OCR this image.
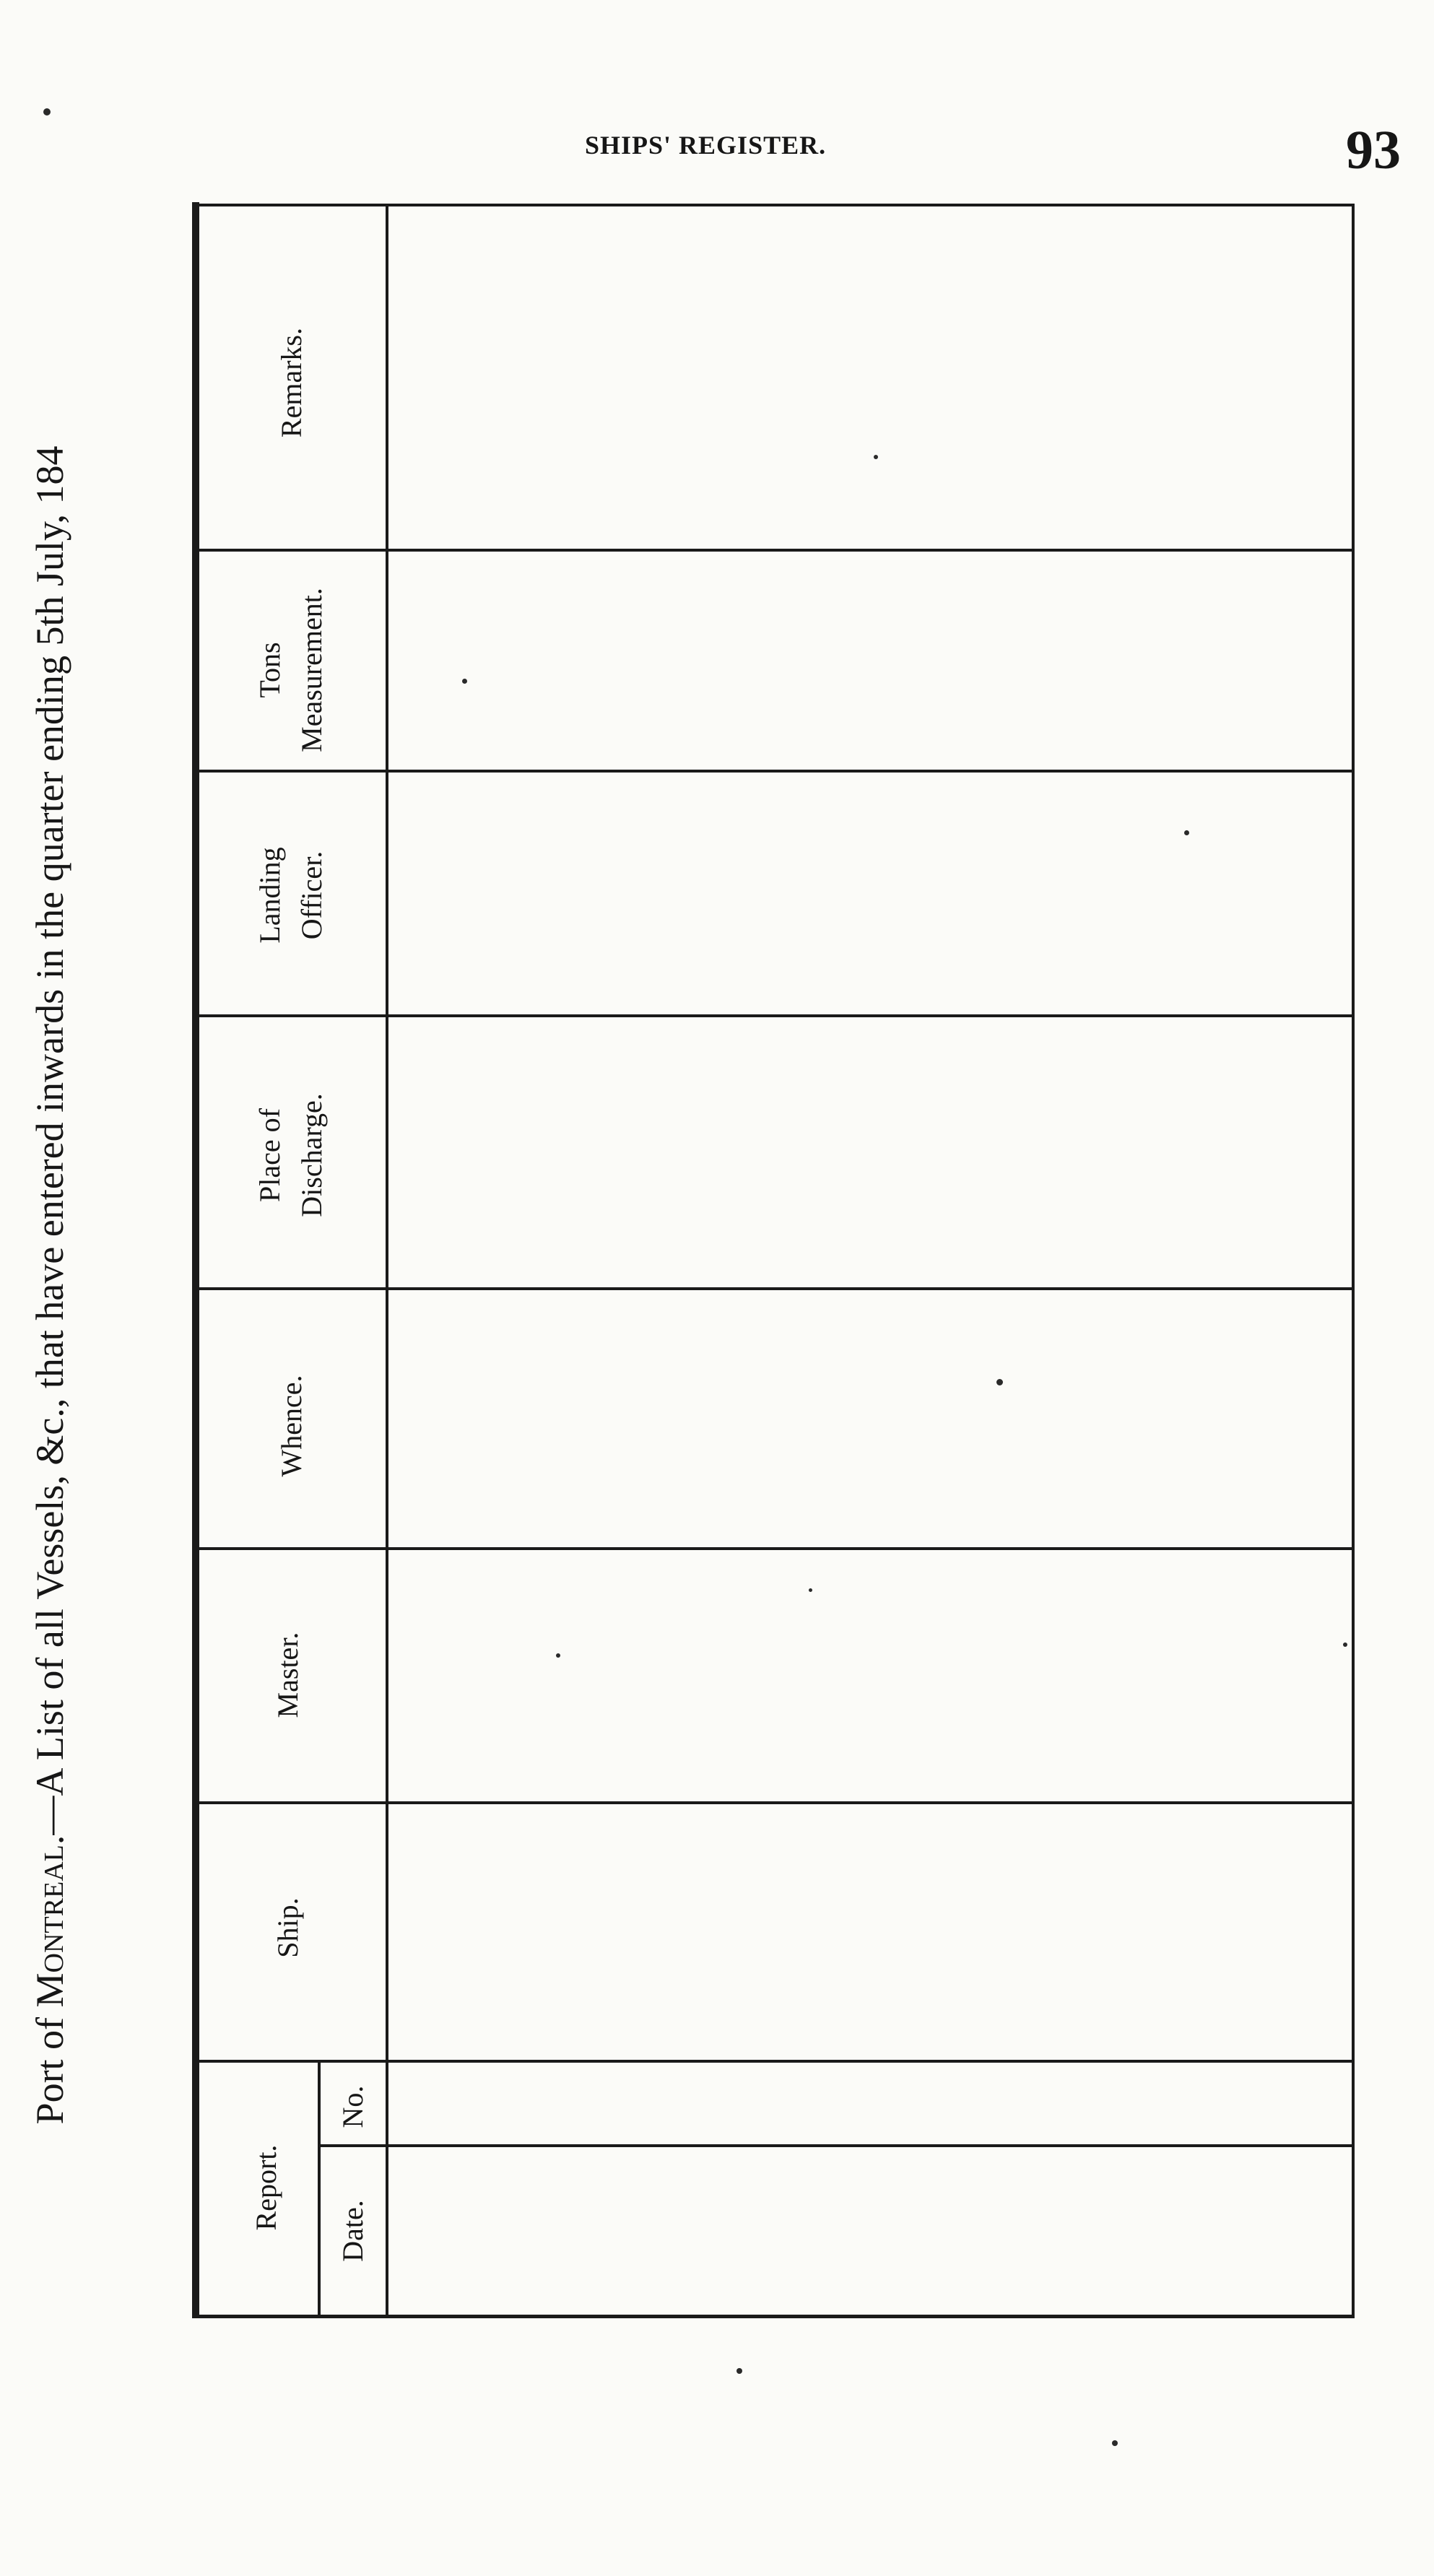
SHIPS' REGISTER.	93
Port of Montreal.—A List of all Vessels, &c., that have entered inwards in the quarter ending 5th July, 184
Remarks.
Tons Measurement.
Landing Officer.
Place of Discharge.
Whence.
Master.
Ship.
Report.
No.
Date.
